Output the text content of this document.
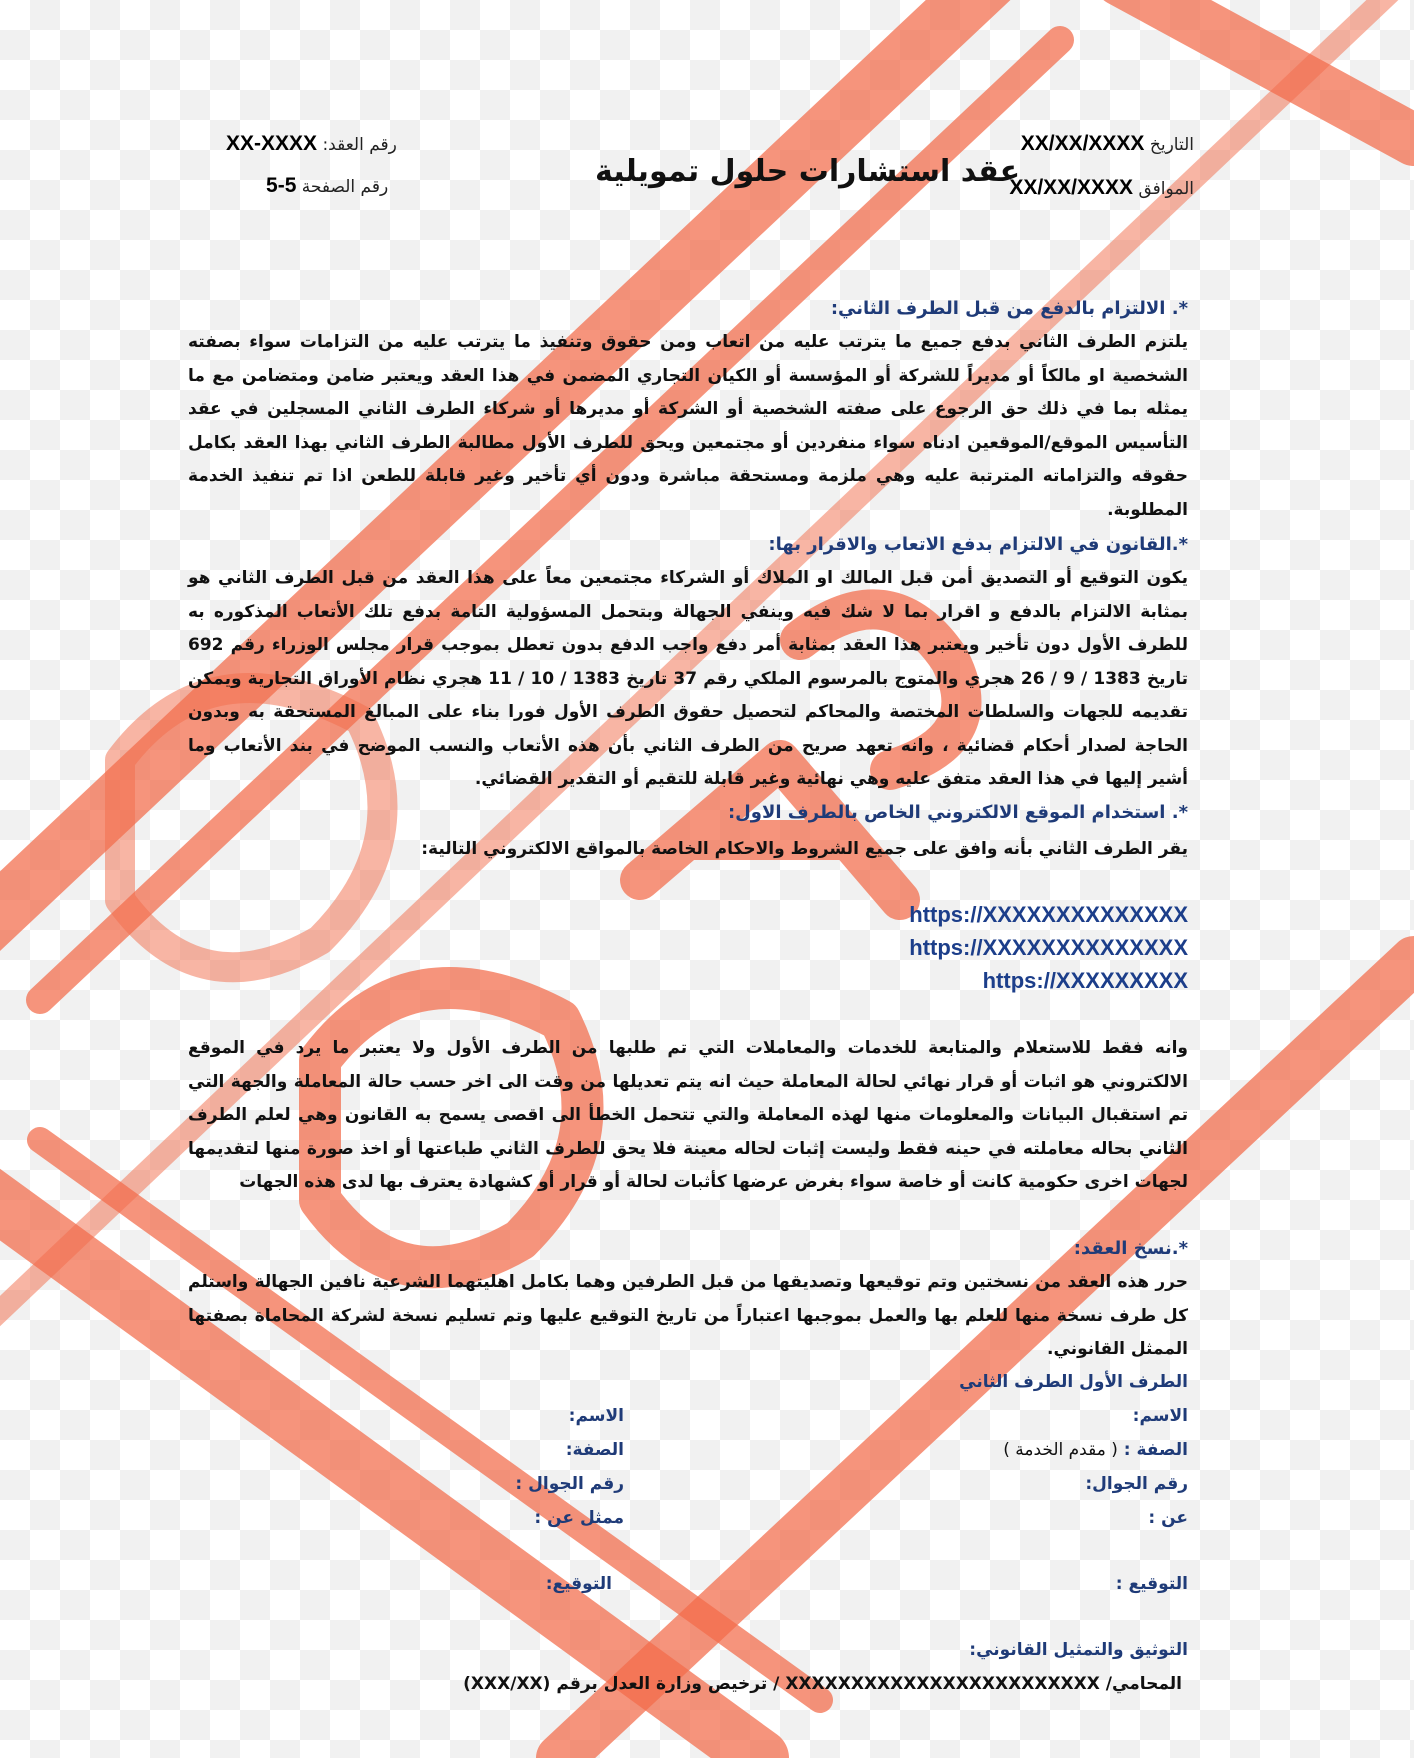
التاريخ XX/XX/XXXX
الموافق XX/XX/XXXX
عقد استشارات حلول تمويلية
رقم العقد: XX-XXXX
رقم الصفحة 5-5
*. الالتزام بالدفع من قبل الطرف الثاني:

يلتزم الطرف الثاني بدفع جميع ما يترتب عليه من اتعاب ومن حقوق وتنفيذ ما يترتب عليه من التزامات سواء بصفته الشخصية او مالكاً أو مديراً للشركة أو المؤسسة أو الكيان التجاري المضمن في هذا العقد ويعتبر ضامن ومتضامن مع ما يمثله بما في ذلك حق الرجوع على صفته الشخصية أو الشركة أو مديرها أو شركاء الطرف الثاني المسجلين في عقد التأسيس الموقع/الموقعين ادناه سواء منفردين أو مجتمعين ويحق للطرف الأول مطالبة الطرف الثاني بهذا العقد بكامل حقوقه والتزاماته المترتبة عليه وهي ملزمة ومستحقة مباشرة ودون أي تأخير وغير قابلة للطعن اذا تم تنفيذ الخدمة المطلوبة.

*.القانون في الالتزام بدفع الاتعاب والاقرار بها:

يكون التوقيع أو التصديق أمن قبل المالك او الملاك أو الشركاء مجتمعين معاً على هذا العقد من قبل الطرف الثاني هو بمثابة الالتزام بالدفع و اقرار بما لا شك فيه وينفي الجهالة وبتحمل المسؤولية التامة بدفع تلك الأتعاب المذكوره به للطرف الأول دون تأخير ويعتبر هذا العقد بمثابة أمر دفع واجب الدفع بدون تعطل بموجب قرار مجلس الوزراء رقم 692 تاريخ 1383 / 9 / 26 هجري والمتوج بالمرسوم الملكي رقم 37 تاريخ 1383 / 10 / 11 هجري نظام الأوراق التجارية ويمكن تقديمه للجهات والسلطات المختصة والمحاكم لتحصيل حقوق الطرف الأول فورا بناء على المبالغ المستحقة به وبدون الحاجة لصدار أحكام قضائية ، وانه تعهد صريح من الطرف الثاني بأن هذه الأتعاب والنسب الموضح في بند الأتعاب وما أشير إليها في هذا العقد متفق عليه وهي نهائية وغير قابلة للتقيم أو التقدير القضائي.

*. استخدام الموقع الالكتروني الخاص بالطرف الاول:

يقر الطرف الثاني بأنه وافق على جميع الشروط والاحكام الخاصة بالمواقع الالكتروني التالية:

https://XXXXXXXXXXXXXX
https://XXXXXXXXXXXXXX
https://XXXXXXXXX

وانه فقط للاستعلام والمتابعة للخدمات والمعاملات التي تم طلبها من الطرف الأول ولا يعتبر ما يرد في الموقع الالكتروني هو اثبات أو قرار نهائي لحالة المعاملة حيث انه يتم تعديلها من وقت الى اخر حسب حالة المعاملة والجهة التي تم استقبال البيانات والمعلومات منها لهذه المعاملة والتي تتحمل الخطأ الى اقصى يسمح به القانون وهي لعلم الطرف الثاني بحاله معاملته في حينه فقط وليست إثبات لحاله معينة فلا يحق للطرف الثاني طباعتها أو اخذ صورة منها لتقديمها لجهات اخرى حكومية كانت أو خاصة سواء بغرض عرضها كأثبات لحالة أو قرار أو كشهادة يعترف بها لدى هذه الجهات

*.نسخ العقد:

حرر هذه العقد من نسختين وتم توقيعها وتصديقها من قبل الطرفين وهما بكامل اهليتهما الشرعية نافين الجهالة واستلم كل طرف نسخة منها للعلم بها والعمل بموجبها اعتباراً من تاريخ التوقيع عليها وتم تسليم نسخة لشركة المحاماة بصفتها الممثل القانوني.

الطرف الأول الطرف الثاني
الاسم:
الصفة : ( مقدم الخدمة )
رقم الجوال:
عن :
التوقيع :
الاسم:
الصفة:
رقم الجوال :
ممثل عن :
التوقيع:
التوثيق والتمثيل القانوني:
المحامي/ XXXXXXXXXXXXXXXXXXXXXXXX / ترخيص وزارة العدل برقم (XXX/XX)
